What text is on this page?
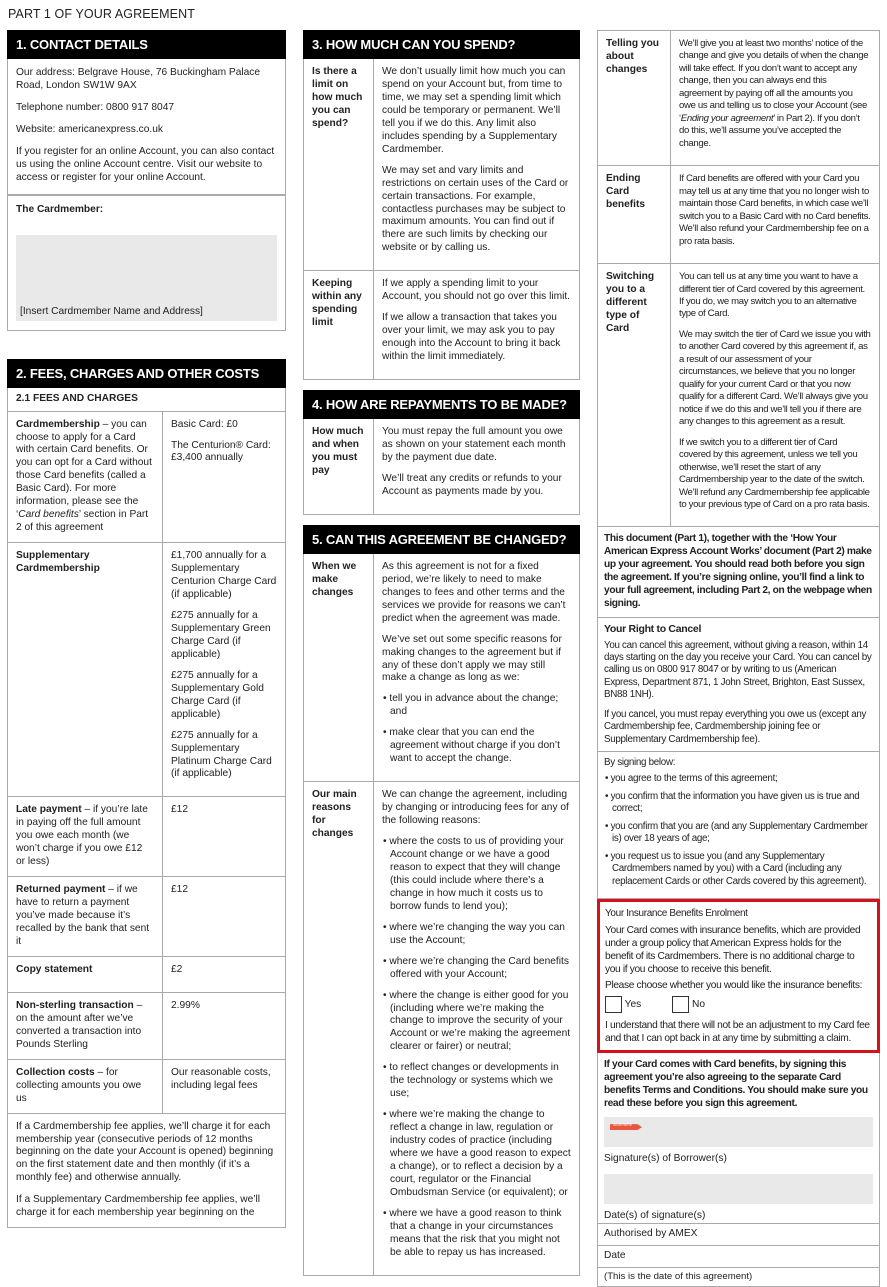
PART 1 OF YOUR AGREEMENT
1. CONTACT DETAILS

Our address: Belgrave House, 76 Buckingham Palace Road, London SW1W 9AX

Telephone number: 0800 917 8047

Website: americanexpress.co.uk

If you register for an online Account, you can also contact us using the online Account centre. Visit our website to access or register for your online Account.

The Cardmember:
[Insert Cardmember Name and Address]
2. FEES, CHARGES AND OTHER COSTS
2.1 FEES AND CHARGES
Cardmembership – you can choose to apply for a Card with certain Card benefits. Or you can opt for a Card without those Card benefits (called a Basic Card). For more information, please see the ‘Card benefits’ section in Part 2 of this agreement

Basic Card: £0

The Centurion® Card: £3,400 annually

Supplementary Cardmembership

£1,700 annually for a Supplementary Centurion Charge Card (if applicable)

£275 annually for a Supplementary Green Charge Card (if applicable)

£275 annually for a Supplementary Gold Charge Card (if applicable)

£275 annually for a Supplementary Platinum Charge Card (if applicable)

Late payment – if you’re late in paying off the full amount you owe each month (we won’t charge if you owe £12 or less)

£12

Returned payment – if we have to return a payment you’ve made because it’s recalled by the bank that sent it

£12

Copy statement	£2

Non-sterling transaction – on the amount after we’ve converted a transaction into Pounds Sterling

2.99%

Collection costs – for collecting amounts you owe us

Our reasonable costs, including legal fees

If a Cardmembership fee applies, we’ll charge it for each membership year (consecutive periods of 12 months beginning on the date your Account is opened) beginning on the first statement date and then monthly (if it’s a monthly fee) and otherwise annually.

If a Supplementary Cardmembership fee applies, we’ll charge it for each membership year beginning on the

3. HOW MUCH CAN YOU SPEND?
Is there a limit on how much you can spend?

We don’t usually limit how much you can spend on your Account but, from time to time, we may set a spending limit which could be temporary or permanent. We’ll tell you if we do this. Any limit also includes spending by a Supplementary Cardmember.

We may set and vary limits and restrictions on certain uses of the Card or certain transactions. For example, contactless purchases may be subject to maximum amounts. You can find out if there are such limits by checking our website or by calling us.

Keeping within any spending limit

If we apply a spending limit to your Account, you should not go over this limit.

If we allow a transaction that takes you over your limit, we may ask you to pay enough into the Account to bring it back within the limit immediately.

4. HOW ARE REPAYMENTS TO BE MADE?
How much and when you must pay

You must repay the full amount you owe as shown on your statement each month by the payment due date.

We’ll treat any credits or refunds to your Account as payments made by you.

5. CAN THIS AGREEMENT BE CHANGED?
When we make changes

As this agreement is not for a fixed period, we’re likely to need to make changes to fees and other terms and the services we provide for reasons we can’t predict when the agreement was made.

We’ve set out some specific reasons for making changes to the agreement but if any of these don’t apply we may still make a change as long as we:

• tell you in advance about the change; and
• make clear that you can end the agreement without charge if you don’t want to accept the change.
Our main reasons for changes

We can change the agreement, including by changing or introducing fees for any of the following reasons:

• where the costs to us of providing your Account change or we have a good reason to expect that they will change (this could include where there’s a change in how much it costs us to borrow funds to lend you);
• where we’re changing the way you can use the Account;
• where we’re changing the Card benefits offered with your Account;
• where the change is either good for you (including where we’re making the change to improve the security of your Account or we’re making the agreement clearer or fairer) or neutral;
• to reflect changes or developments in the technology or systems which we use;
• where we’re making the change to reflect a change in law, regulation or industry codes of practice (including where we have a good reason to expect a change), or to reflect a decision by a court, regulator or the Financial Ombudsman Service (or equivalent); or
• where we have a good reason to think that a change in your circumstances means that the risk that you might not be able to repay us has increased.
Telling you about changes

We’ll give you at least two months’ notice of the change and give you details of when the change will take effect. If you don’t want to accept any change, then you can always end this agreement by paying off all the amounts you owe us and telling us to close your Account (see ‘Ending your agreement’ in Part 2). If you don’t do this, we’ll assume you’ve accepted the change.

Ending Card benefits

If Card benefits are offered with your Card you may tell us at any time that you no longer wish to maintain those Card benefits, in which case we’ll switch you to a Basic Card with no Card benefits. We’ll also refund your Cardmembership fee on a pro rata basis.

Switching you to a different type of Card

You can tell us at any time you want to have a different tier of Card covered by this agreement. If you do, we may switch you to an alternative type of Card.

We may switch the tier of Card we issue you with to another Card covered by this agreement if, as a result of our assessment of your circumstances, we believe that you no longer qualify for your current Card or that you now qualify for a different Card. We’ll always give you notice if we do this and we’ll tell you if there are any changes to this agreement as a result.

If we switch you to a different tier of Card covered by this agreement, unless we tell you otherwise, we’ll reset the start of any Cardmembership year to the date of the switch. We’ll refund any Cardmembership fee applicable to your previous type of Card on a pro rata basis.

This document (Part 1), together with the ‘How Your American Express Account Works’ document (Part 2) make up your agreement. You should read both before you sign the agreement. If you’re signing online, you’ll find a link to your full agreement, including Part 2, on the webpage when signing.

Your Right to Cancel

You can cancel this agreement, without giving a reason, within 14 days starting on the day you receive your Card. You can cancel by calling us on 0800 917 8047 or by writing to us (American Express, Department 871, 1 John Street, Brighton, East Sussex, BN88 1NH).

If you cancel, you must repay everything you owe us (except any Cardmembership fee, Cardmembership joining fee or Supplementary Cardmembership fee).

By signing below:

• you agree to the terms of this agreement;
• you confirm that the information you have given us is true and correct;
• you confirm that you are (and any Supplementary Cardmember is) over 18 years of age;
• you request us to issue you (and any Supplementary Cardmembers named by you) with a Card (including any replacement Cards or other Cards covered by this agreement).

Your Insurance Benefits Enrolment

Your Card comes with insurance benefits, which are provided under a group policy that American Express holds for the benefit of its Cardmembers. There is no additional charge to you if you choose to receive this benefit.

Please choose whether you would like the insurance benefits:

Yes	No

I understand that there will not be an adjustment to my Card fee and that I can opt back in at any time by submitting a claim.

If your Card comes with Card benefits, by signing this agreement you’re also agreeing to the separate Card benefits Terms and Conditions. You should make sure you read these before you sign this agreement.

SIGN HERE

Signature(s) of Borrower(s)

Date(s) of signature(s)

Authorised by AMEX

Date

(This is the date of this agreement)
